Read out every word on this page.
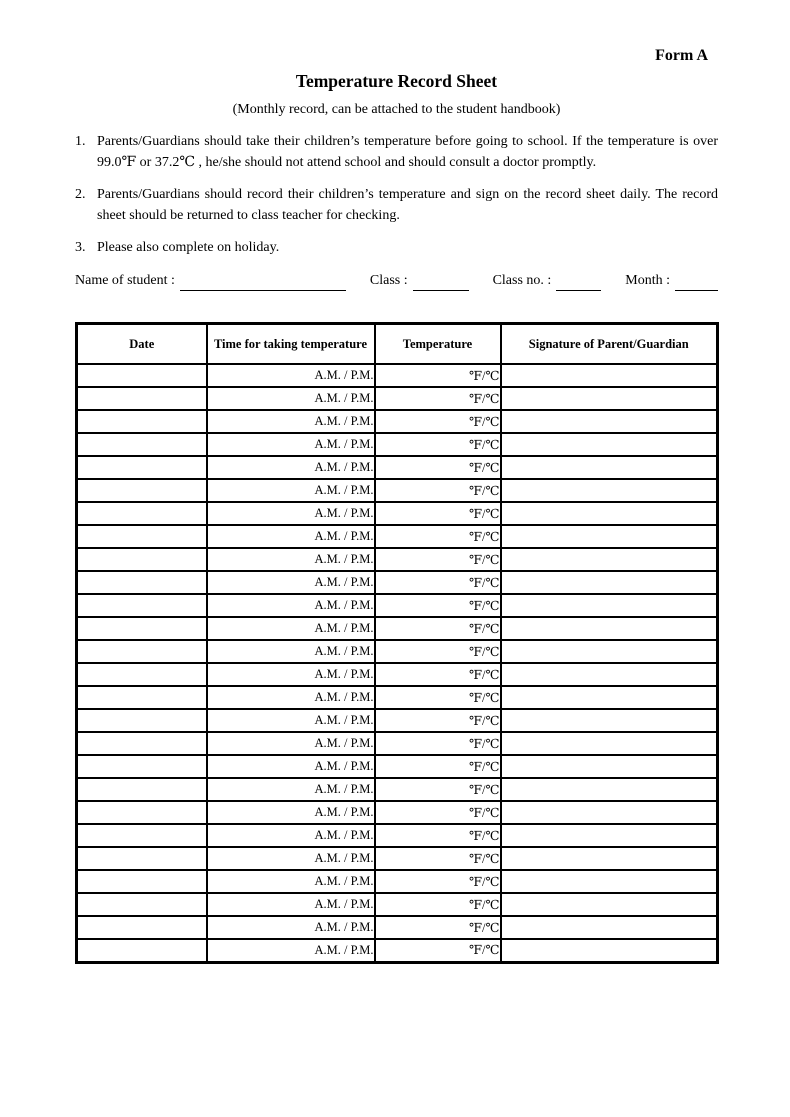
Form A
Temperature Record Sheet
(Monthly record, can be attached to the student handbook)
1. Parents/Guardians should take their children’s temperature before going to school. If the temperature is over 99.0℉ or 37.2℃ , he/she should not attend school and should consult a doctor promptly.
2. Parents/Guardians should record their children’s temperature and sign on the record sheet daily. The record sheet should be returned to class teacher for checking.
3. Please also complete on holiday.
Name of student :	Class :	Class no. :	Month :
Date	Time for taking temperature	Temperature	Signature of Parent/Guardian
	A.M. / P.M.	℉/℃	
	A.M. / P.M.	℉/℃	
	A.M. / P.M.	℉/℃	
	A.M. / P.M.	℉/℃	
	A.M. / P.M.	℉/℃	
	A.M. / P.M.	℉/℃	
	A.M. / P.M.	℉/℃	
	A.M. / P.M.	℉/℃	
	A.M. / P.M.	℉/℃	
	A.M. / P.M.	℉/℃	
	A.M. / P.M.	℉/℃	
	A.M. / P.M.	℉/℃	
	A.M. / P.M.	℉/℃	
	A.M. / P.M.	℉/℃	
	A.M. / P.M.	℉/℃	
	A.M. / P.M.	℉/℃	
	A.M. / P.M.	℉/℃	
	A.M. / P.M.	℉/℃	
	A.M. / P.M.	℉/℃	
	A.M. / P.M.	℉/℃	
	A.M. / P.M.	℉/℃	
	A.M. / P.M.	℉/℃	
	A.M. / P.M.	℉/℃	
	A.M. / P.M.	℉/℃	
	A.M. / P.M.	℉/℃	
	A.M. / P.M.	℉/℃	
